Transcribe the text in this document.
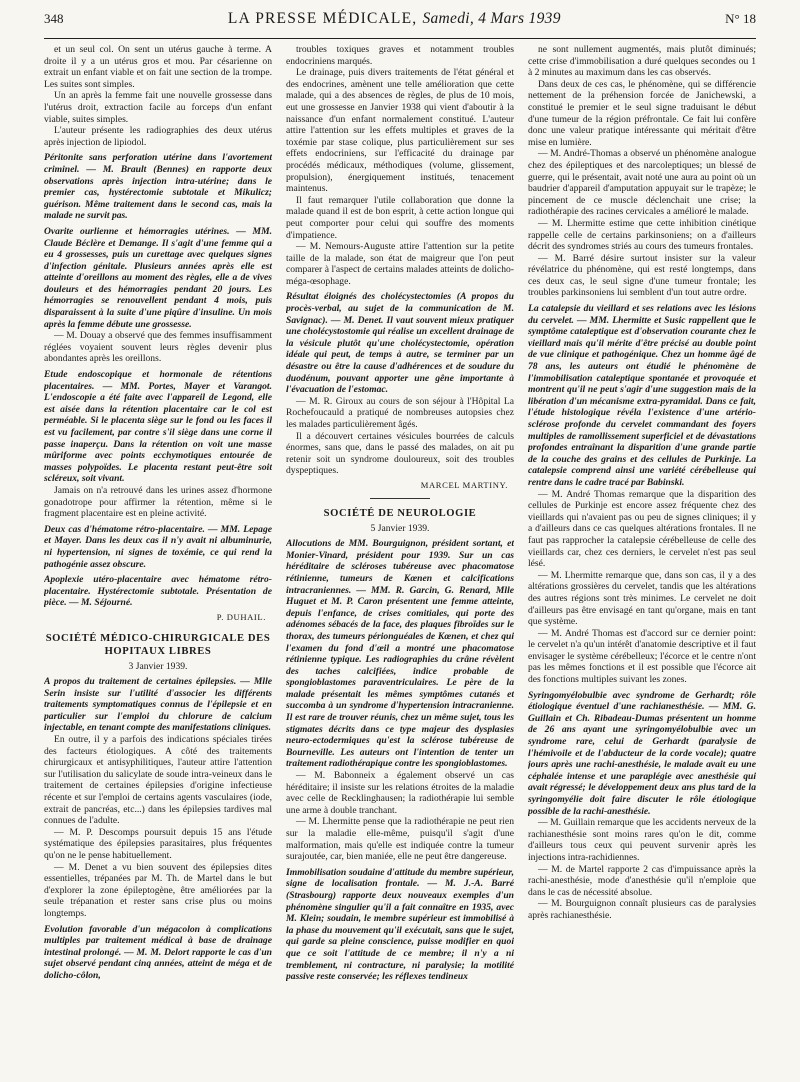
348	LA PRESSE MÉDICALE, Samedi, 4 Mars 1939	N° 18

et un seul col. On sent un utérus gauche à terme. A droite il y a un utérus gros et mou. Par césarienne on extrait un enfant viable et on fait une section de la trompe. Les suites sont simples.

Un an après la femme fait une nouvelle grossesse dans l'utérus droit, extraction facile au forceps d'un enfant viable, suites simples.

L'auteur présente les radiographies des deux utérus après injection de lipiodol.

Péritonite sans perforation utérine dans l'avortement criminel. — M. Brault (Bennes) en rapporte deux observations après injection intra-utérine; dans le premier cas, hystérectomie subtotale et Mikulicz; guérison. Même traitement dans le second cas, mais la malade ne survit pas.

Ovarite ourlienne et hémorragies utérines. — MM. Claude Béclère et Demange. Il s'agit d'une femme qui a eu 4 grossesses, puis un curettage avec quelques signes d'infection génitale. Plusieurs années après elle est atteinte d'oreillons au moment des règles, elle a de vives douleurs et des hémorragies pendant 20 jours. Les hémorragies se renouvellent pendant 4 mois, puis disparaissent à la suite d'une piqûre d'insuline. Un mois après la femme débute une grossesse.

— M. Douay a observé que des femmes insuffisamment réglées voyaient souvent leurs règles devenir plus abondantes après les oreillons.

Etude endoscopique et hormonale de rétentions placentaires. — MM. Portes, Mayer et Varangot. L'endoscopie a été faite avec l'appareil de Legond, elle est aisée dans la rétention placentaire car le col est perméable. Si le placenta siège sur le fond ou les faces il est vu facilement, par contre s'il siège dans une corne il passe inaperçu. Dans la rétention on voit une masse mûriforme avec points ecchymotiques entourée de masses polypoïdes. Le placenta restant peut-être soit scléreux, soit vivant.

Jamais on n'a retrouvé dans les urines assez d'hormone gonadotrope pour affirmer la rétention, même si le fragment placentaire est en pleine activité.

Deux cas d'hématome rétro-placentaire. — MM. Lepage et Mayer. Dans les deux cas il n'y avait ni albuminurie, ni hypertension, ni signes de toxémie, ce qui rend la pathogénie assez obscure.

Apoplexie utéro-placentaire avec hématome rétro-placentaire. Hystérectomie subtotale. Présentation de pièce. — M. Séjourné.

P. DUHAIL.
SOCIÉTÉ MÉDICO-CHIRURGICALE DES HOPITAUX LIBRES
3 Janvier 1939.

A propos du traitement de certaines épilepsies. — Mlle Serin insiste sur l'utilité d'associer les différents traitements symptomatiques connus de l'épilepsie et en particulier sur l'emploi du chlorure de calcium injectable, en tenant compte des manifestations cliniques.

En outre, il y a parfois des indications spéciales tirées des facteurs étiologiques. A côté des traitements chirurgicaux et antisyphilitiques, l'auteur attire l'attention sur l'utilisation du salicylate de soude intra-veineux dans le traitement de certaines épilepsies d'origine infectieuse récente et sur l'emploi de certains agents vasculaires (iode, extrait de pancréas, etc...) dans les épilepsies tardives mal connues de l'adulte.

— M. P. Descomps poursuit depuis 15 ans l'étude systématique des épilepsies parasitaires, plus fréquentes qu'on ne le pense habituellement.

— M. Denet a vu bien souvent des épilepsies dites essentielles, trépanées par M. Th. de Martel dans le but d'explorer la zone épileptogène, être améliorées par la seule trépanation et rester sans crise plus ou moins longtemps.

Evolution favorable d'un mégacolon à complications multiples par traitement médical à base de drainage intestinal prolongé. — M. M. Delort rapporte le cas d'un sujet observé pendant cinq années, atteint de méga et de dolicho-côlon,

troubles toxiques graves et notamment troubles endocriniens marqués.

Le drainage, puis divers traitements de l'état général et des endocrines, amènent une telle amélioration que cette malade, qui a des absences de règles, de plus de 10 mois, eut une grossesse en Janvier 1938 qui vient d'aboutir à la naissance d'un enfant normalement constitué. L'auteur attire l'attention sur les effets multiples et graves de la toxémie par stase colique, plus particulièrement sur ses effets endocriniens, sur l'efficacité du drainage par procédés médicaux, méthodiques (volume, glissement, propulsion), énergiquement institués, tenacement maintenus.

Il faut remarquer l'utile collaboration que donne la malade quand il est de bon esprit, à cette action longue qui peut comporter pour celui qui souffre des moments d'impatience.

— M. Nemours-Auguste attire l'attention sur la petite taille de la malade, son état de maigreur que l'on peut comparer à l'aspect de certains malades atteints de dolicho-méga-œsophage.

Résultat éloignés des cholécystectomies (A propos du procès-verbal, au sujet de la communication de M. Savignac). — M. Denet. Il vaut souvent mieux pratiquer une cholécystostomie qui réalise un excellent drainage de la vésicule plutôt qu'une cholécystectomie, opération idéale qui peut, de temps à autre, se terminer par un désastre ou être la cause d'adhérences et de soudure du duodénum, pouvant apporter une gêne importante à l'évacuation de l'estomac.

— M. R. Giroux au cours de son séjour à l'Hôpital La Rochefoucauld a pratiqué de nombreuses autopsies chez les malades particulièrement âgés.

Il a découvert certaines vésicules bourrées de calculs énormes, sans que, dans le passé des malades, on ait pu retenir soit un syndrome douloureux, soit des troubles dyspeptiques.

MARCEL MARTINY.
SOCIÉTÉ DE NEUROLOGIE
5 Janvier 1939.

Allocutions de MM. Bourguignon, président sortant, et Monier-Vinard, président pour 1939. Sur un cas héréditaire de scléroses tubéreuse avec phacomatose rétinienne, tumeurs de Kœnen et calcifications intracraniennes. — MM. R. Garcin, G. Renard, Mlle Huguet et M. P. Caron présentent une femme atteinte, depuis l'enfance, de crises comitiales, qui porte des adénomes sébacés de la face, des plaques fibroïdes sur le thorax, des tumeurs périonguéales de Kœnen, et chez qui l'examen du fond d'œil a montré une phacomatose rétinienne typique. Les radiographies du crâne révèlent des taches calcifiées, indice probable de spongioblastomes paraventriculaires. Le père de la malade présentait les mêmes symptômes cutanés et succomba à un syndrome d'hypertension intracranienne. Il est rare de trouver réunis, chez un même sujet, tous les stigmates décrits dans ce type majeur des dysplasies neuro-ectodermiques qu'est la sclérose tubéreuse de Bourneville. Les auteurs ont l'intention de tenter un traitement radiothérapique contre les spongioblastomes.

— M. Babonneix a également observé un cas héréditaire; il insiste sur les relations étroites de la maladie avec celle de Recklinghausen; la radiothérapie lui semble une arme à double tranchant.

— M. Lhermitte pense que la radiothérapie ne peut rien sur la maladie elle-même, puisqu'il s'agit d'une malformation, mais qu'elle est indiquée contre la tumeur surajoutée, car, bien maniée, elle ne peut être dangereuse.

Immobilisation soudaine d'attitude du membre supérieur, signe de localisation frontale. — M. J.-A. Barré (Strasbourg) rapporte deux nouveaux exemples d'un phénomène singulier qu'il a fait connaître en 1935, avec M. Klein; soudain, le membre supérieur est immobilisé à la phase du mouvement qu'il exécutait, sans que le sujet, qui garde sa pleine conscience, puisse modifier en quoi que ce soit l'attitude de ce membre; il n'y a ni tremblement, ni contracture, ni paralysie; la motilité passive reste conservée; les réflexes tendineux

ne sont nullement augmentés, mais plutôt diminués; cette crise d'immobilisation a duré quelques secondes ou 1 à 2 minutes au maximum dans les cas observés.

Dans deux de ces cas, le phénomène, qui se différencie nettement de la préhension forcée de Janichewski, a constitué le premier et le seul signe traduisant le début d'une tumeur de la région préfrontale. Ce fait lui confère donc une valeur pratique intéressante qui méritait d'être mise en lumière.

— M. André-Thomas a observé un phénomène analogue chez des épileptiques et des narcoleptiques; un blessé de guerre, qui le présentait, avait noté une aura au point où un baudrier d'appareil d'amputation appuyait sur le trapèze; le pincement de ce muscle déclenchait une crise; la radiothérapie des racines cervicales a amélioré le malade.

— M. Lhermitte estime que cette inhibition cinétique rappelle celle de certains parkinsoniens; on a d'ailleurs décrit des syndromes striés au cours des tumeurs frontales.

— M. Barré désire surtout insister sur la valeur révélatrice du phénomène, qui est resté longtemps, dans ces deux cas, le seul signe d'une tumeur frontale; les troubles parkinsoniens lui semblent d'un tout autre ordre.

La catalepsie du vieillard et ses relations avec les lésions du cervelet. — MM. Lhermitte et Susic rappellent que le symptôme cataleptique est d'observation courante chez le vieillard mais qu'il mérite d'être précisé au double point de vue clinique et pathogénique. Chez un homme âgé de 78 ans, les auteurs ont étudié le phénomène de l'immobilisation cataleptique spontanée et provoquée et montrent qu'il ne peut s'agir d'une suggestion mais de la libération d'un mécanisme extra-pyramidal. Dans ce fait, l'étude histologique révéla l'existence d'une artério-sclérose profonde du cervelet commandant des foyers multiples de ramollissement superficiel et de dévastations profondes entraînant la disparition d'une grande partie de la couche des grains et des cellules de Purkinje. La catalepsie comprend ainsi une variété cérébelleuse qui rentre dans le cadre tracé par Babinski.

— M. André Thomas remarque que la disparition des cellules de Purkinje est encore assez fréquente chez des vieillards qui n'avaient pas ou peu de signes cliniques; il y a d'ailleurs dans ce cas quelques altérations frontales. Il ne faut pas rapprocher la catalepsie cérébelleuse de celle des vieillards car, chez ces derniers, le cervelet n'est pas seul lésé.

— M. Lhermitte remarque que, dans son cas, il y a des altérations grossières du cervelet, tandis que les altérations des autres régions sont très minimes. Le cervelet ne doit d'ailleurs pas être envisagé en tant qu'organe, mais en tant que système.

— M. André Thomas est d'accord sur ce dernier point: le cervelet n'a qu'un intérêt d'anatomie descriptive et il faut envisager le système cérébelleux; l'écorce et le centre n'ont pas les mêmes fonctions et il est possible que l'écorce ait des fonctions multiples suivant les zones.

Syringomyélobulbie avec syndrome de Gerhardt; rôle étiologique éventuel d'une rachianesthésie. — MM. G. Guillain et Ch. Ribadeau-Dumas présentent un homme de 26 ans ayant une syringomyélobulbie avec un syndrome rare, celui de Gerhardt (paralysie de l'hémivoile et de l'abducteur de la corde vocale); quatre jours après une rachi-anesthésie, le malade avait eu une céphalée intense et une paraplégie avec anesthésie qui avait régressé; le développement deux ans plus tard de la syringomyélie doit faire discuter le rôle étiologique possible de la rachi-anesthésie.

— M. Guillain remarque que les accidents nerveux de la rachianesthésie sont moins rares qu'on le dit, comme d'ailleurs tous ceux qui peuvent survenir après les injections intra-rachidiennes.

— M. de Martel rapporte 2 cas d'impuissance après la rachi-anesthésie, mode d'anesthésie qu'il n'emploie que dans le cas de nécessité absolue.

— M. Bourguignon connaît plusieurs cas de paralysies après rachianesthésie.
